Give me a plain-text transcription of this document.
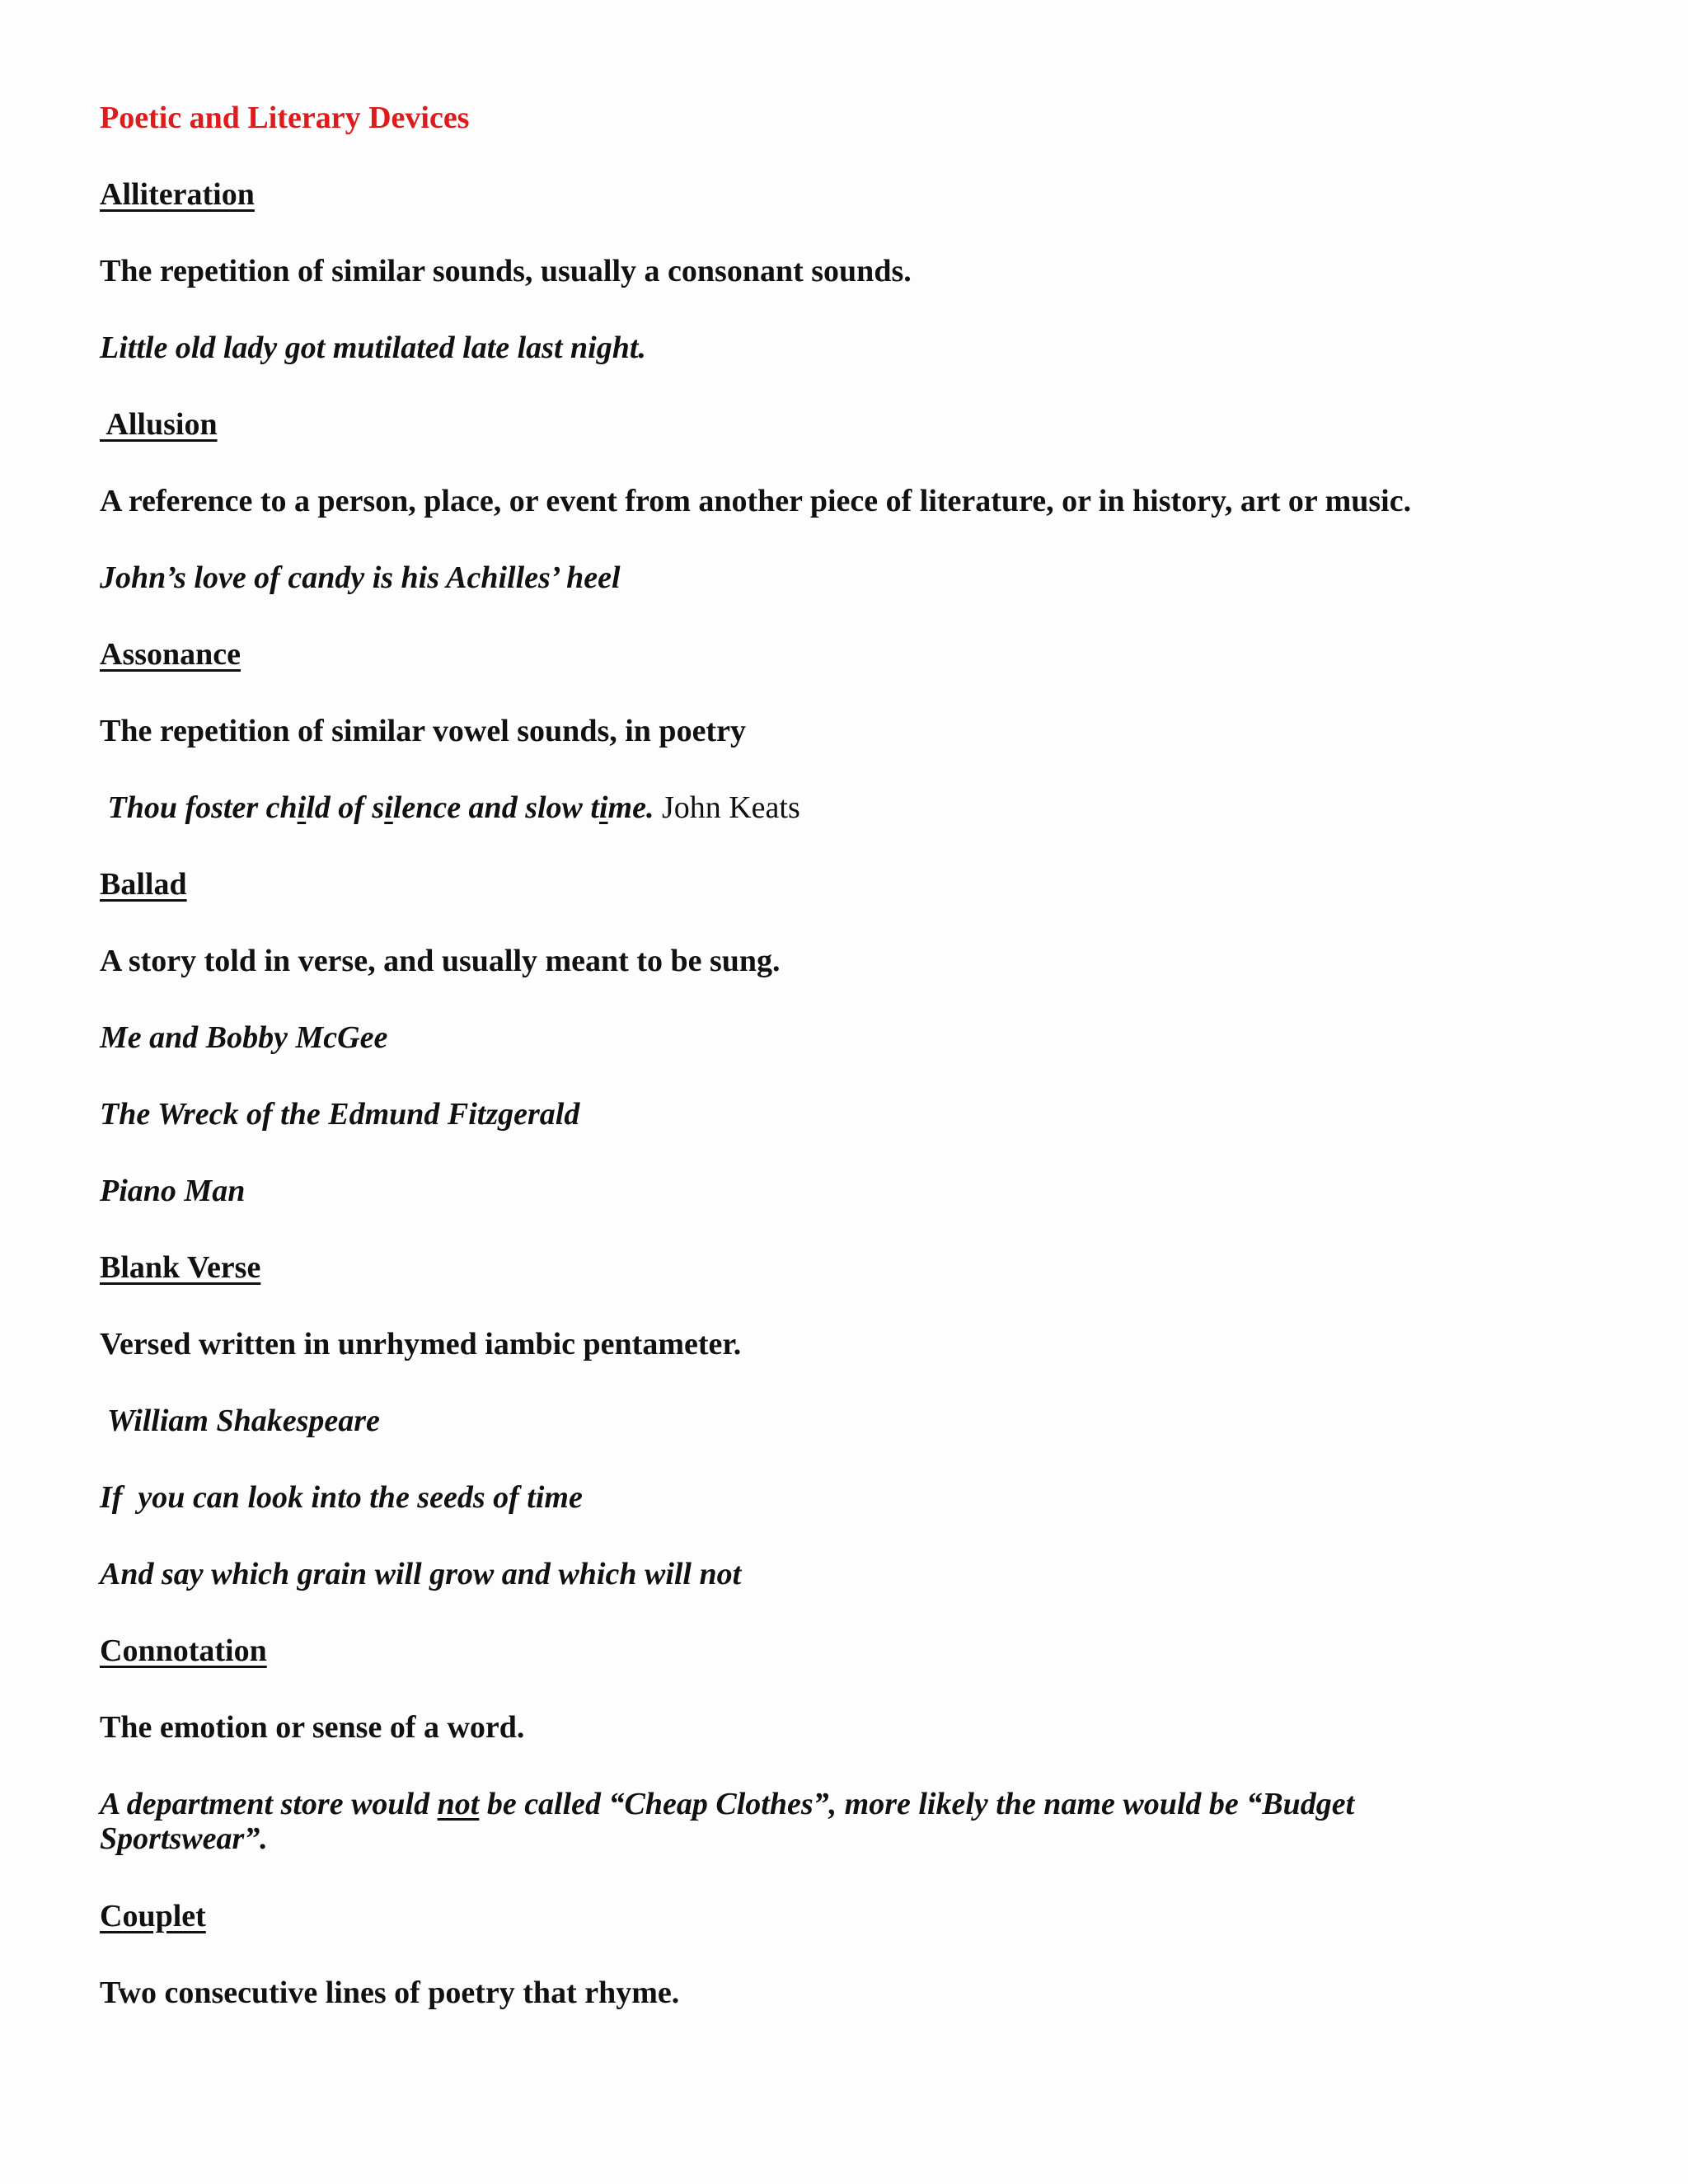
Poetic and Literary Devices

Alliteration

The repetition of similar sounds, usually a consonant sounds.

Little old lady got mutilated late last night.

Allusion

A reference to a person, place, or event from another piece of literature, or in history, art or music.

John’s love of candy is his Achilles’ heel

Assonance

The repetition of similar vowel sounds, in poetry

Thou foster child of silence and slow time. John Keats

Ballad

A story told in verse, and usually meant to be sung.

Me and Bobby McGee

The Wreck of the Edmund Fitzgerald

Piano Man

Blank Verse

Versed written in unrhymed iambic pentameter.

William Shakespeare

If  you can look into the seeds of time

And say which grain will grow and which will not

Connotation

The emotion or sense of a word.

A department store would not be called “Cheap Clothes”, more likely the name would be “Budget Sportswear”.

Couplet

Two consecutive lines of poetry that rhyme.
